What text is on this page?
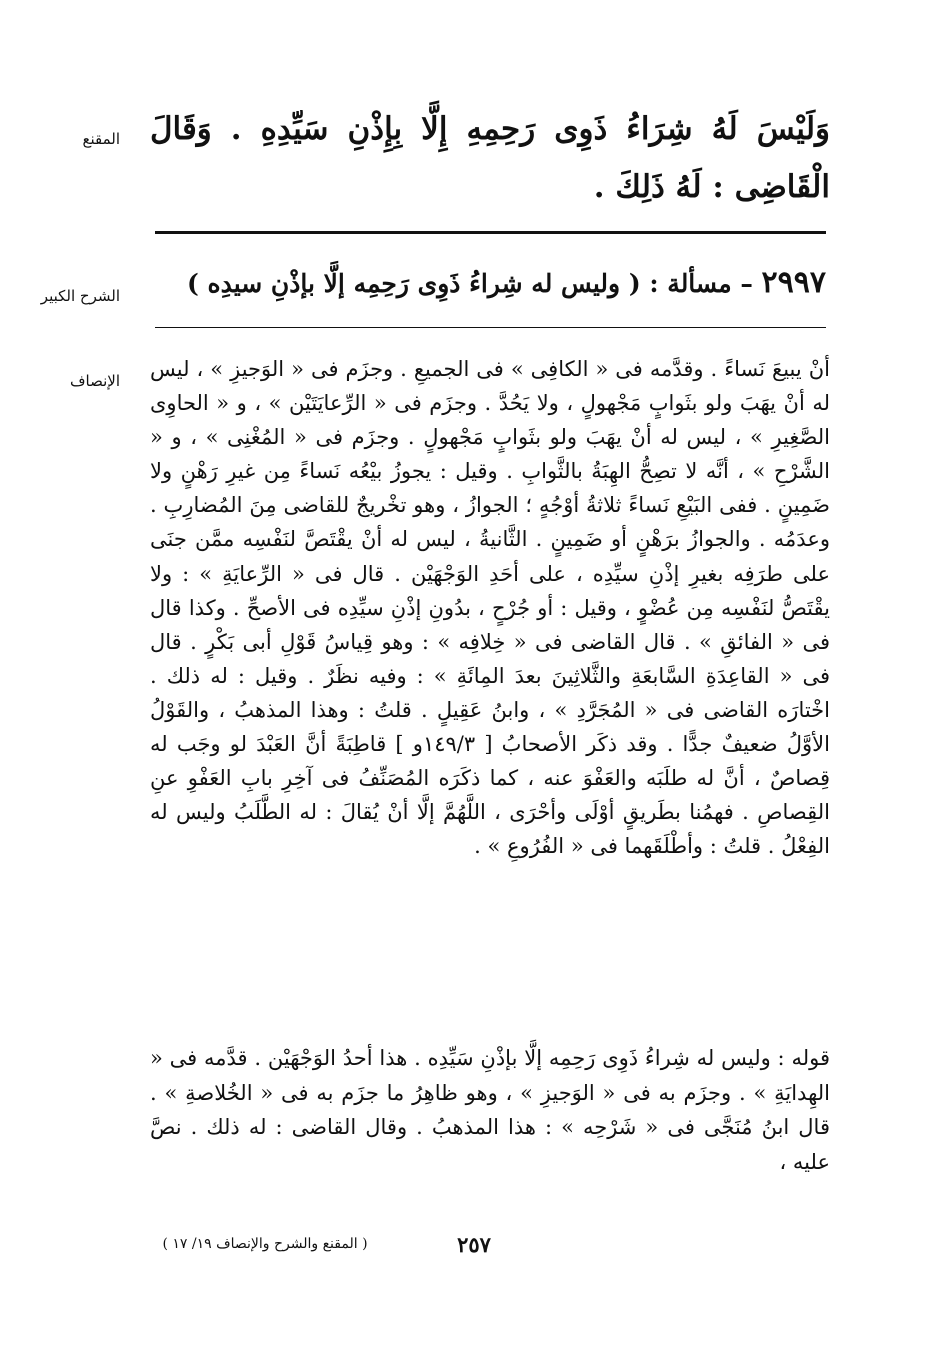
المقنع وَلَيْسَ لَهُ شِرَاءُ ذَوِى رَحِمِهِ إِلَّا بِإِذْنِ سَيِّدِهِ . وَقَالَ الْقَاضِى : لَهُ ذَلِكَ .
الشرح الكبير	٢٩٩٧ – مسألة : ( وليس له شِراءُ ذَوِى رَحِمِه إلَّا بإذْنِ سيدِه )
الإنصاف أنْ يبيعَ نَساءً . وقدَّمه فى « الكافِى » فى الجميعِ . وجزَم فى « الوَجيزِ » ، ليس له أنْ يهَبَ ولو بثَوابٍ مَجْهولٍ ، ولا يَحُدَّ . وجزَم فى « الرِّعايَتَيْن » ، و « الحاوِى الصَّغِيرِ » ، ليس له أنْ يهَبَ ولو بثَوابٍ مَجْهولٍ . وجزَم فى « المُغْنِى » ، و « الشَّرْحِ » ، أنَّه لا تصِحُّ الهِبَةُ بالثَّوابِ . وقيل : يجوزُ بيْعُه نَساءً مِن غيرِ رَهْنٍ ولا ضَمِينٍ . ففى البَيْعِ نَساءً ثلاثةُ أوْجُهٍ ؛ الجوازُ ، وهو تخْريجٌ للقاضى مِنَ المُضارِبِ . وعدَمُه . والجوازُ برَهْنٍ أو ضَمِينٍ . الثَّانيةُ ، ليس له أنْ يقْتَصَّ لنَفْسِه ممَّن جنَى على طرَفِه بغيرِ إذْنِ سيِّدِه ، على أحَدِ الوَجْهَيْن . قال فى « الرِّعايَةِ » : ولا يقْتَصُّ لنَفْسِه مِن عُضْوٍ ، وقيل : أو جُرْحٍ ، بدُونِ إذْنِ سيِّدِه فى الأصحِّ . وكذا قال فى « الفائقِ » . قال القاضى فى « خِلافِه » : وهو قِياسُ قَوْلِ أبى بَكْرٍ . قال فى « القاعِدَةِ السَّابعَةِ والثَّلاثِينَ بعدَ المِائَةِ » : وفيه نظَرٌ . وقيل : له ذلك . اخْتارَه القاضى فى « المُجَرَّدِ » ، وابنُ عَقِيلٍ . قلتُ : وهذا المذهبُ ، والقَوْلُ الأوَّلُ ضعيفٌ جدًّا . وقد ذكَر الأصحابُ [ ١٤٩/٣و ] قاطِبَةً أنَّ العَبْدَ لو وجَب له قِصاصٌ ، أنَّ له طلَبَه والعَفْوَ عنه ، كما ذكَرَه المُصَنِّفُ فى آخِرِ بابِ العَفْوِ عنِ القِصاصِ . فهمُنا بطَريقٍ أوْلَى وأحْرَى ، اللَّهُمَّ إلَّا أنْ يُقالَ : له الطَّلَبُ وليس له الفِعْلُ . قلتُ : وأطْلَقَهما فى « الفُرُوعِ » .
قوله : وليس له شِراءُ ذَوِى رَحِمِه إلَّا بإذْنِ سَيِّدِه . هذا أحدُ الوَجْهَيْن . قدَّمه فى « الهِدايَةِ » . وجزَم به فى « الوَجيزِ » ، وهو ظاهِرُ ما جزَم به فى « الخُلاصةِ » . قال ابنُ مُنَجَّى فى « شَرْحِه » : هذا المذهبُ . وقال القاضى : له ذلك . نصَّ عليه ،
٢٥٧
( المقنع والشرح والإنصاف ١٩/ ١٧ )
